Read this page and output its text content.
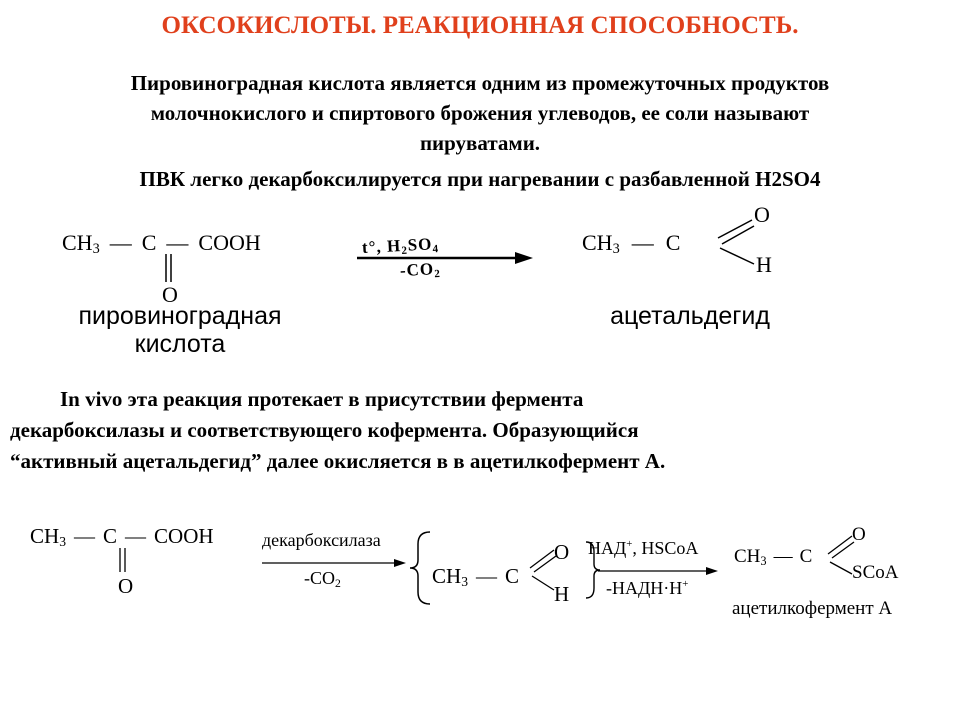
ОКСОКИСЛОТЫ. РЕАКЦИОННАЯ СПОСОБНОСТЬ.
Пировиноградная кислота является одним из промежуточных продуктов
молочнокислого и спиртового брожения углеводов, ее соли называют
пируватами.
ПВК легко декарбоксилируется при нагревании с разбавленной H2SO4
$CH_3$ — C — COOH
O
t°, $H_2SO_4$
$-CO_2$
$CH_3$ — C
O
H
пировиноградная
кислота
ацетальдегид
In vivo эта реакция протекает в присутствии фермента
декарбоксилазы и соответствующего кофермента. Образующийся
“активный ацетальдегид” далее окисляется в в ацетилкофермент А.
$CH_3$ — C — COOH
O
декарбоксилаза
$-CO_2$	$CH_3$ — C
O
H
НАД+, HSCoA
-НАДН·Н+
$CH_3$ — C
O
SCoA
ацетилкофермент А
